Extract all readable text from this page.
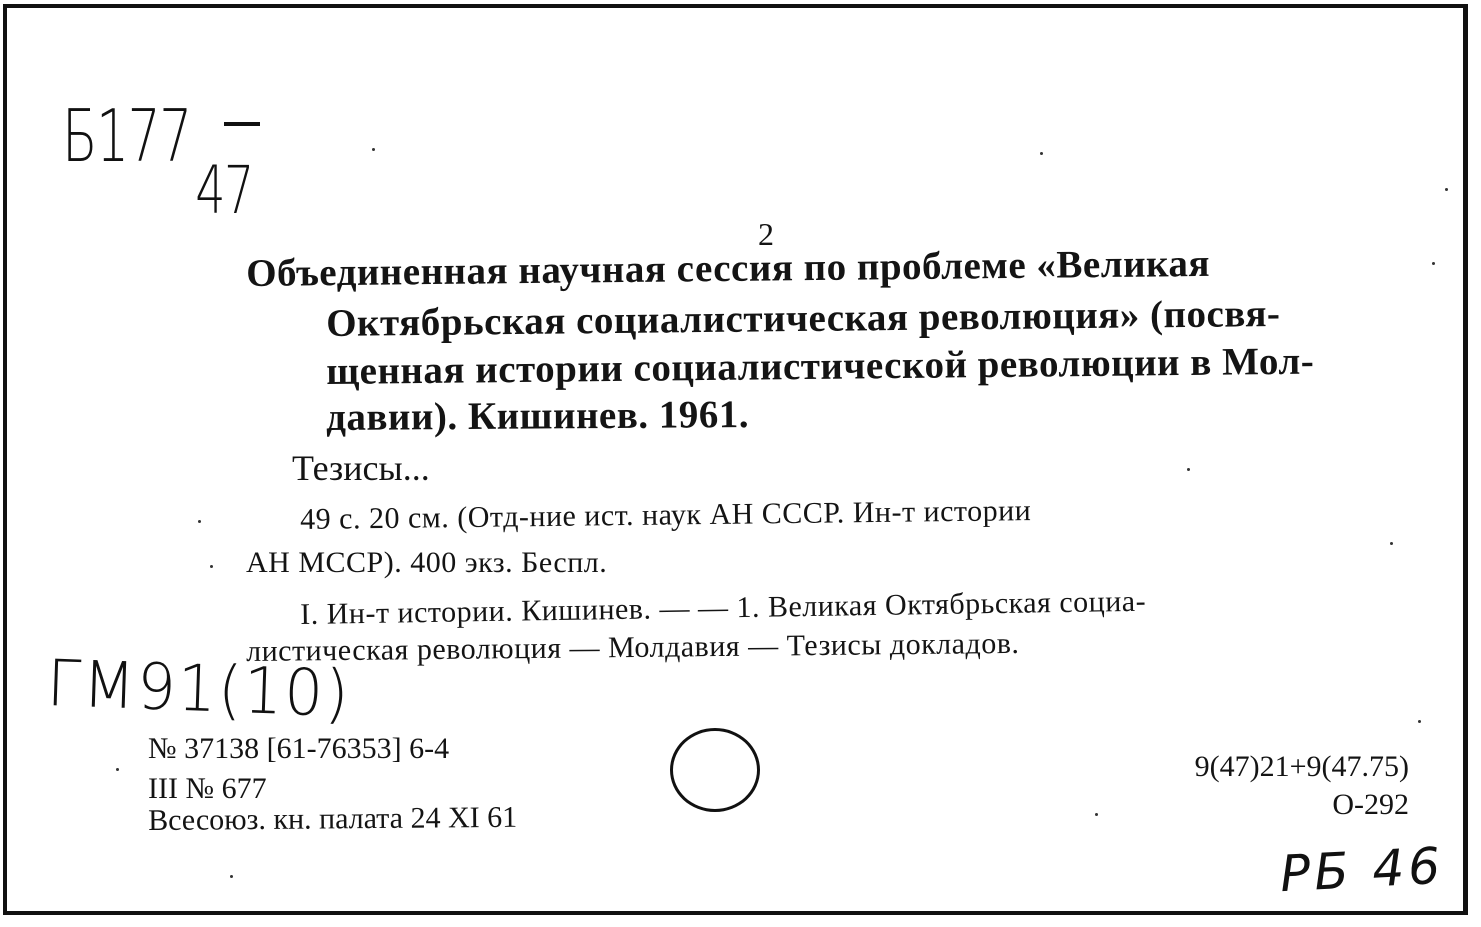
Б177
47
2
Объединенная научная сессия по проблеме «Великая
Октябрьская социалистическая революция» (посвя-
щенная истории социалистической революции в Мол-
давии). Кишинев. 1961.
Тезисы...
49 с. 20 см. (Отд-ние ист. наук АН СССР. Ин-т истории
АН МССР). 400 экз. Беспл.
I. Ин-т истории. Кишинев. — — 1. Великая Октябрьская социа-
листическая революция — Молдавия — Тезисы докладов.
ГМ91(10)
№ 37138 [61-76353] 6-4
III № 677
Всесоюз. кн. палата 24 XI 61
9(47)21+9(47.75)
О-292
РБ 46
